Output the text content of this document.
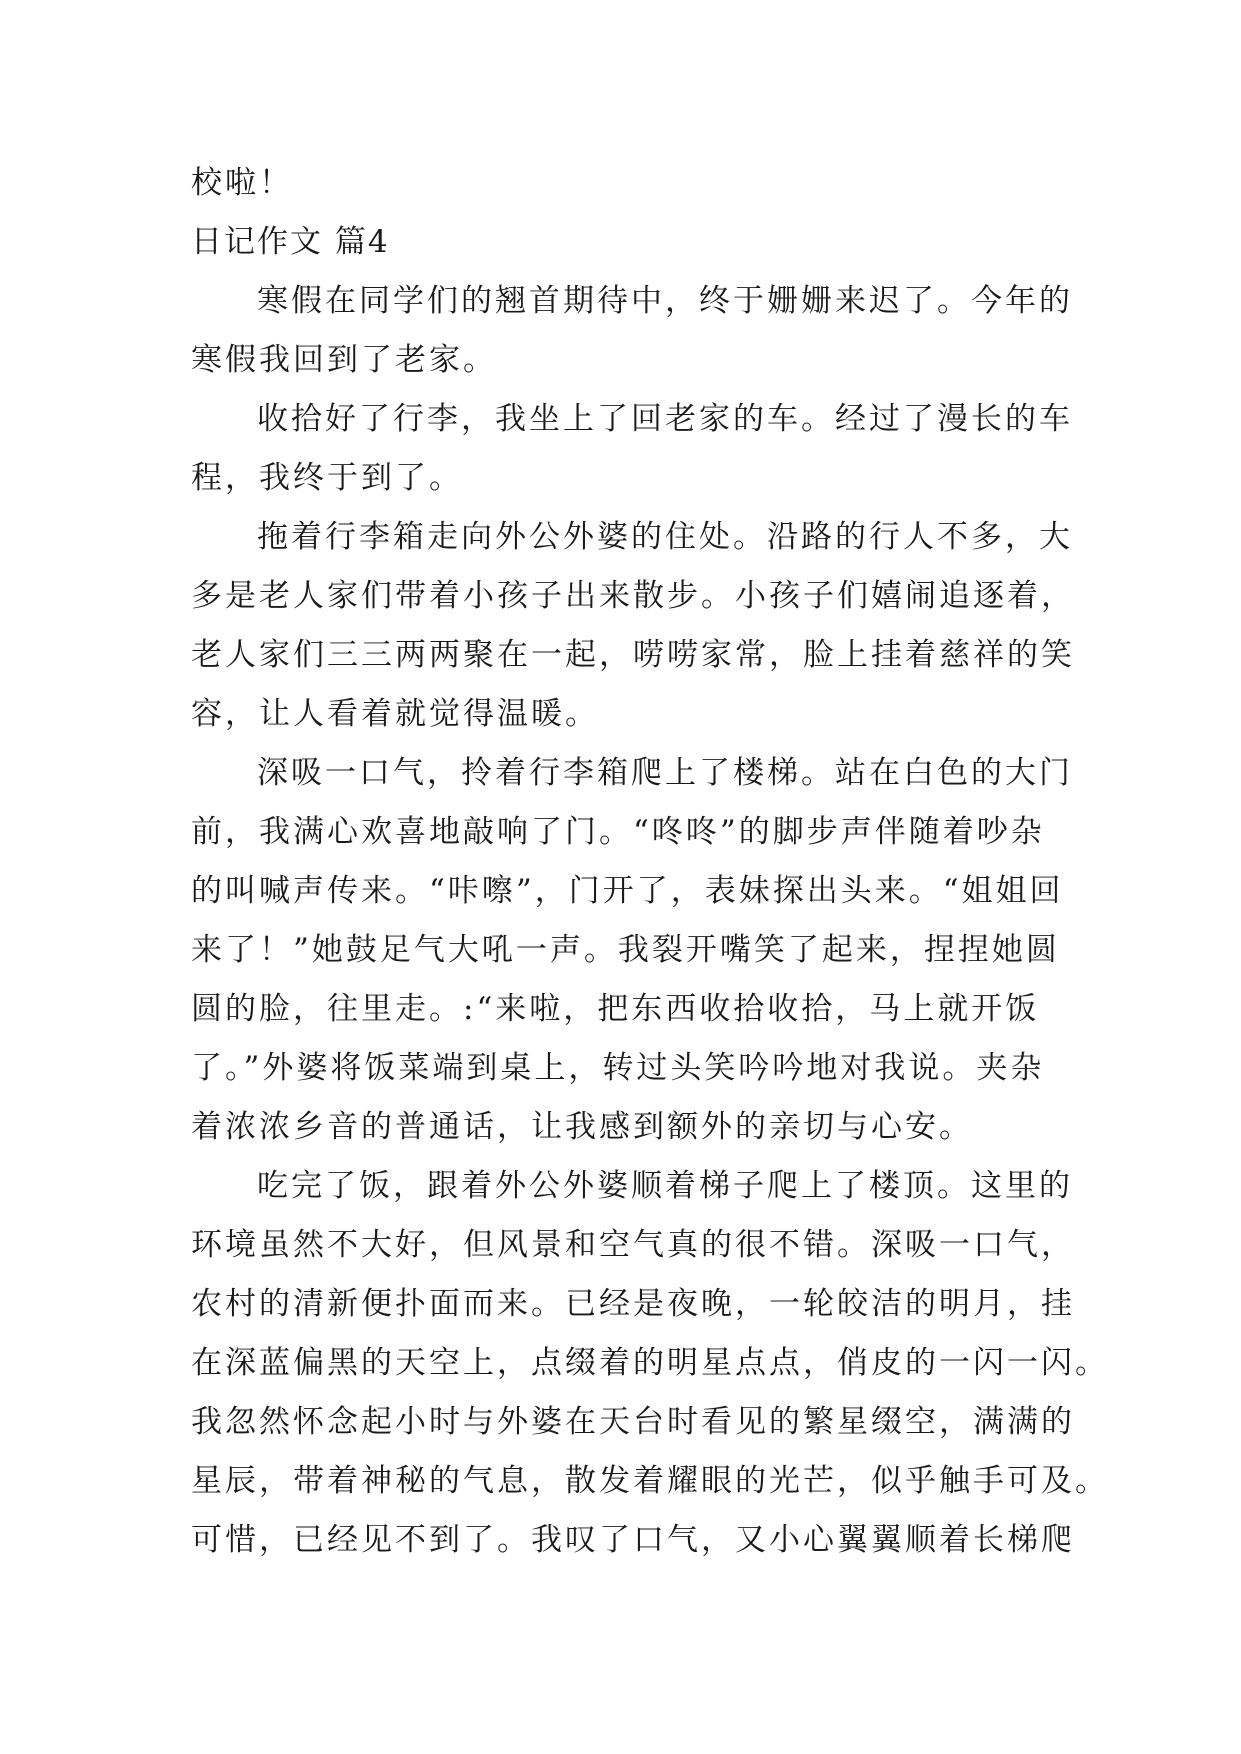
校啦！

日记作文 篇4

寒假在同学们的翘首期待中，终于姗姗来迟了。今年的

寒假我回到了老家。

收拾好了行李，我坐上了回老家的车。经过了漫长的车

程，我终于到了。

拖着行李箱走向外公外婆的住处。沿路的行人不多，大

多是老人家们带着小孩子出来散步。小孩子们嬉闹追逐着，

老人家们三三两两聚在一起，唠唠家常，脸上挂着慈祥的笑

容，让人看着就觉得温暖。

深吸一口气，拎着行李箱爬上了楼梯。站在白色的大门

前，我满心欢喜地敲响了门。“咚咚”的脚步声伴随着吵杂

的叫喊声传来。“咔嚓”，门开了，表妹探出头来。“姐姐回

来了！”她鼓足气大吼一声。我裂开嘴笑了起来，捏捏她圆

圆的脸，往里走。:“来啦，把东西收拾收拾，马上就开饭

了。”外婆将饭菜端到桌上，转过头笑吟吟地对我说。夹杂

着浓浓乡音的普通话，让我感到额外的亲切与心安。

吃完了饭，跟着外公外婆顺着梯子爬上了楼顶。这里的

环境虽然不大好，但风景和空气真的很不错。深吸一口气，

农村的清新便扑面而来。已经是夜晚，一轮皎洁的明月，挂

在深蓝偏黑的天空上，点缀着的明星点点，俏皮的一闪一闪。

我忽然怀念起小时与外婆在天台时看见的繁星缀空，满满的

星辰，带着神秘的气息，散发着耀眼的光芒，似乎触手可及。

可惜，已经见不到了。我叹了口气，又小心翼翼顺着长梯爬
